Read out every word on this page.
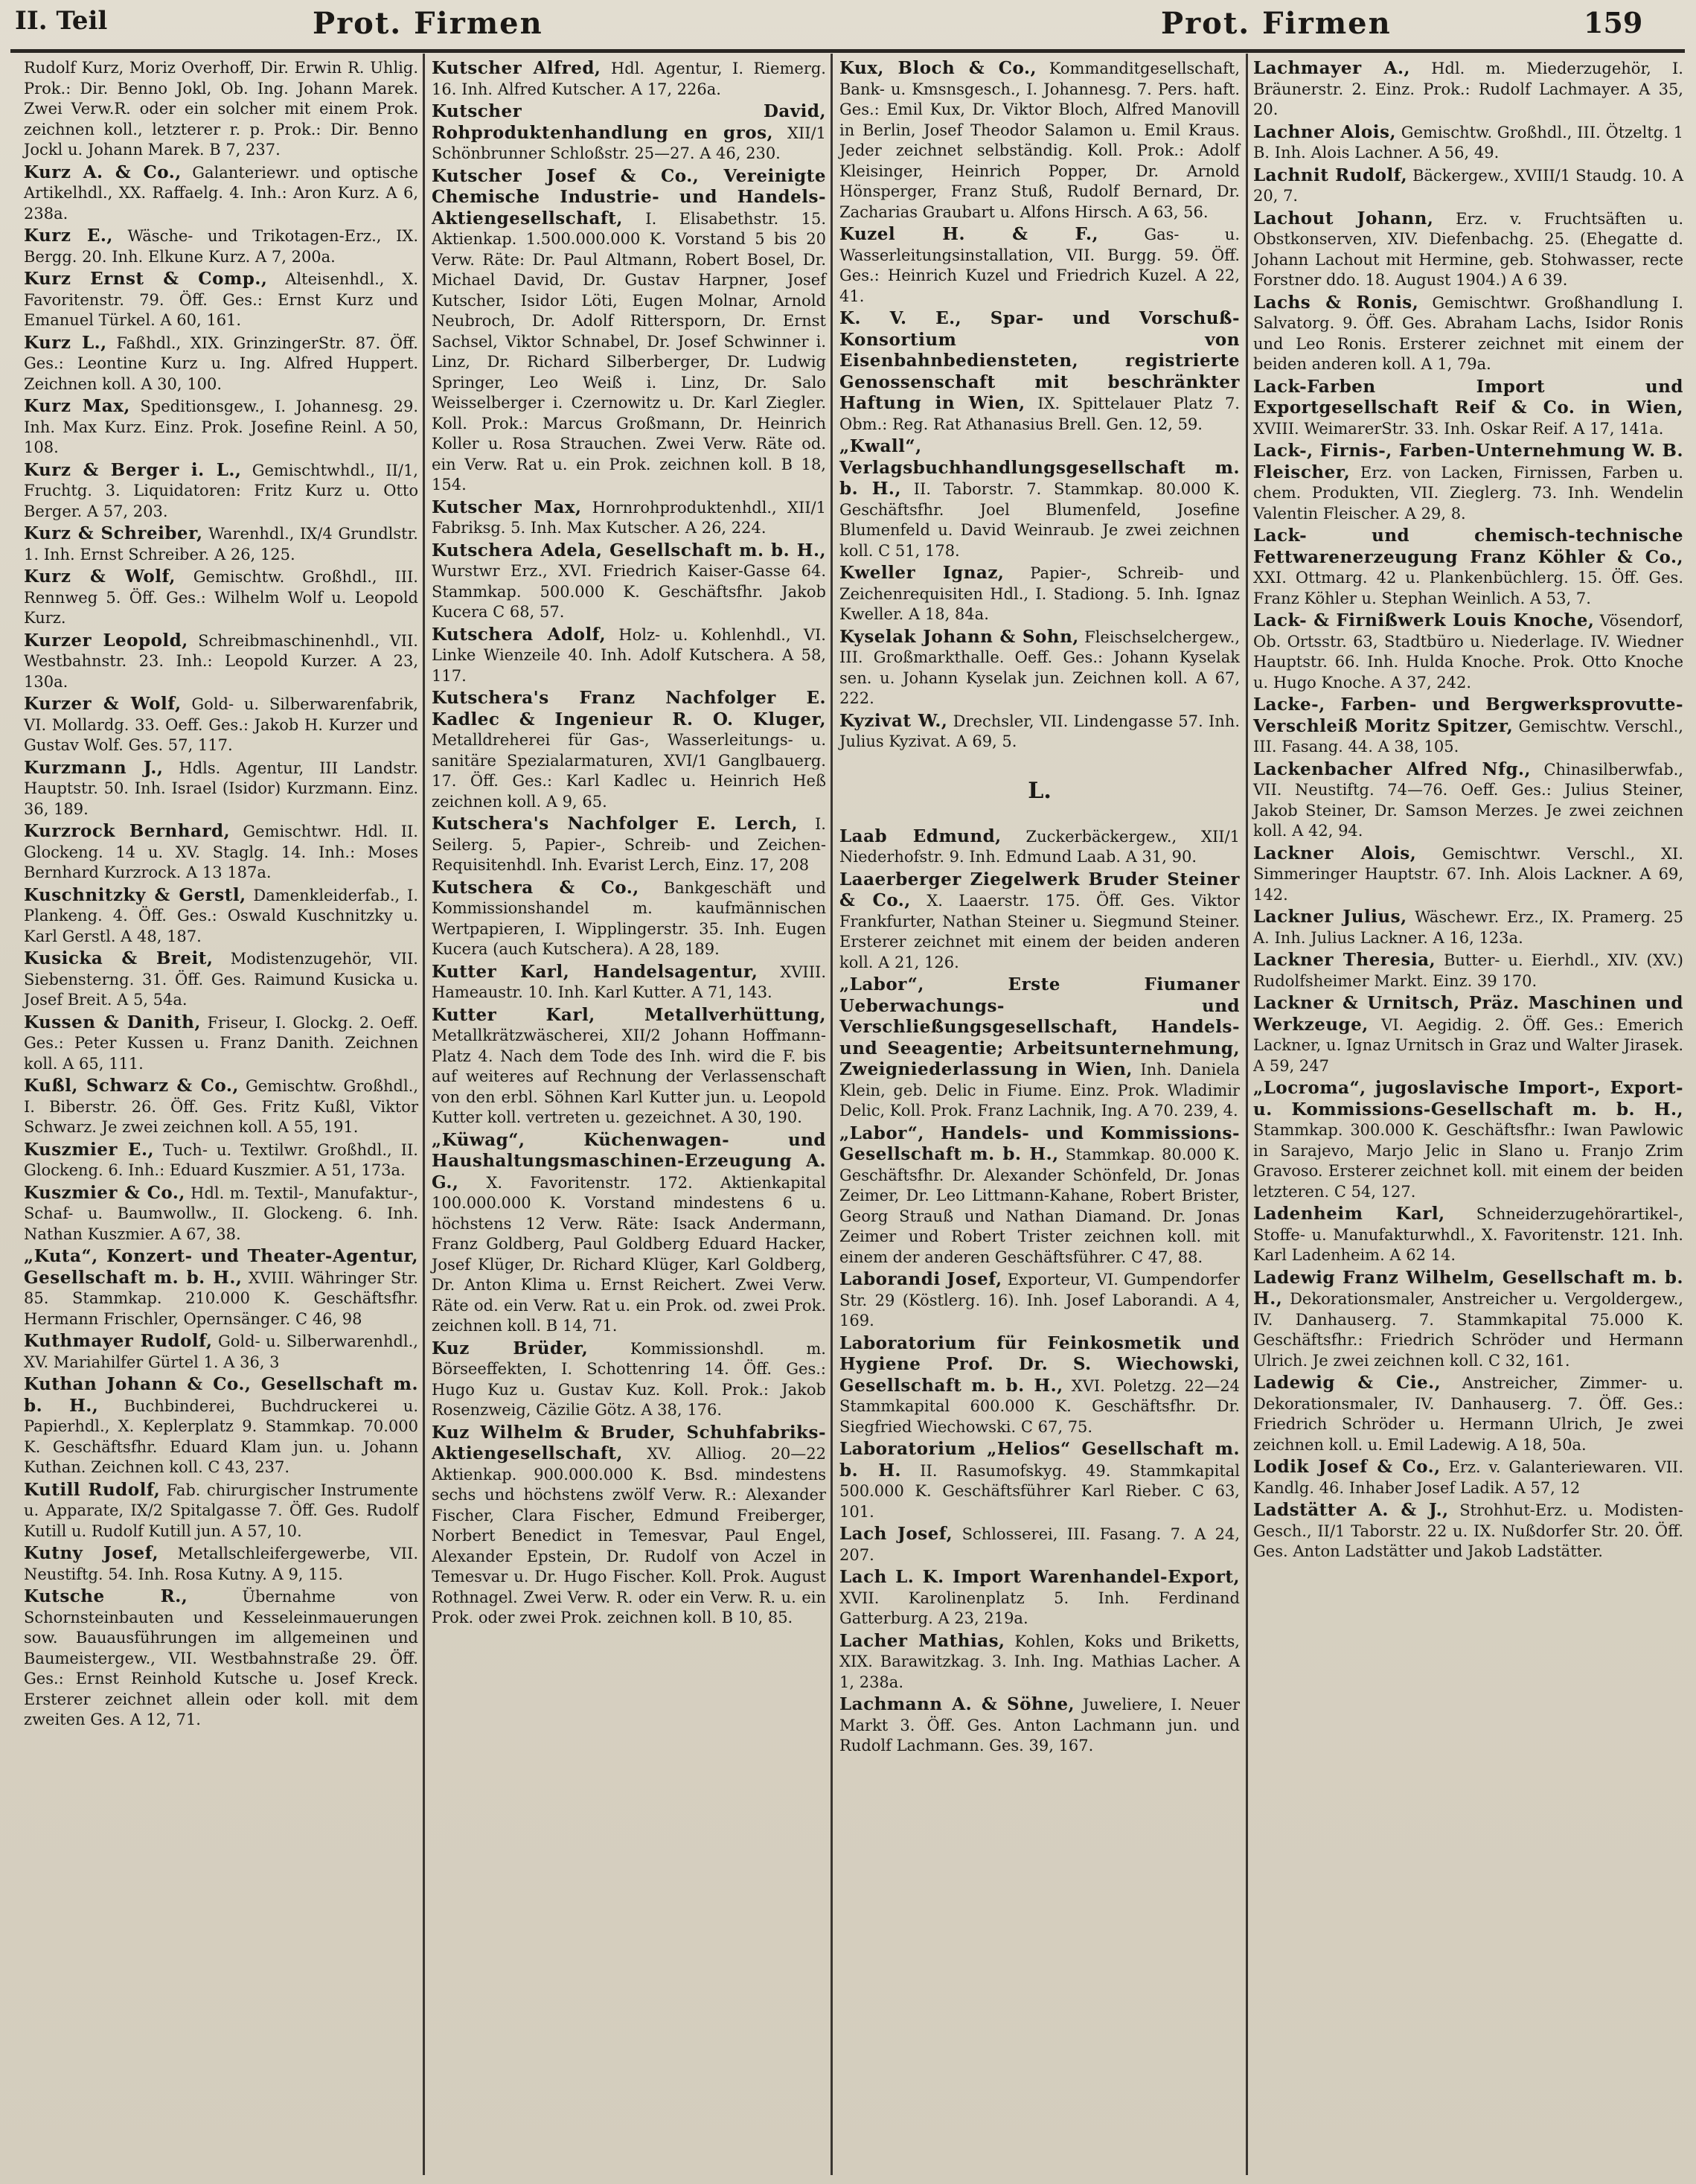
II. Teil	Prot. Firmen	Prot. Firmen	159
Rudolf Kurz, Moriz Overhoff, Dir. Erwin R. Uhlig. Prok.: Dir. Benno Jokl, Ob. Ing. Johann Marek. Zwei Verw.R. oder ein solcher mit einem Prok. zeichnen koll., letzterer r. p. Prok.: Dir. Benno Jockl u. Johann Marek. B 7, 237.
Kurz A. & Co., Galanteriewr. und optische Artikelhdl., XX. Raffaelg. 4. Inh.: Aron Kurz. A 6, 238a.
Kurz E., Wäsche- und Trikotagen-Erz., IX. Bergg. 20. Inh. Elkune Kurz. A 7, 200a.
Kurz Ernst & Comp., Alteisenhdl., X. Favoritenstr. 79. Öff. Ges.: Ernst Kurz und Emanuel Türkel. A 60, 161.
Kurz L., Faßhdl., XIX. GrinzingerStr. 87. Öff. Ges.: Leontine Kurz u. Ing. Alfred Huppert. Zeichnen koll. A 30, 100.
Kurz Max, Speditionsgew., I. Johannesg. 29. Inh. Max Kurz. Einz. Prok. Josefine Reinl. A 50, 108.
Kurz & Berger i. L., Gemischtwhdl., II/1, Fruchtg. 3. Liquidatoren: Fritz Kurz u. Otto Berger. A 57, 203.
Kurz & Schreiber, Warenhdl., IX/4 Grundlstr. 1. Inh. Ernst Schreiber. A 26, 125.
Kurz & Wolf, Gemischtw. Großhdl., III. Rennweg 5. Öff. Ges.: Wilhelm Wolf u. Leopold Kurz.
Kurzer Leopold, Schreibmaschinenhdl., VII. Westbahnstr. 23. Inh.: Leopold Kurzer. A 23, 130a.
Kurzer & Wolf, Gold- u. Silberwarenfabrik, VI. Mollardg. 33. Oeff. Ges.: Jakob H. Kurzer und Gustav Wolf. Ges. 57, 117.
Kurzmann J., Hdls. Agentur, III Landstr. Hauptstr. 50. Inh. Israel (Isidor) Kurzmann. Einz. 36, 189.
Kurzrock Bernhard, Gemischtwr. Hdl. II. Glockeng. 14 u. XV. Staglg. 14. Inh.: Moses Bernhard Kurzrock. A 13 187a.
Kuschnitzky & Gerstl, Damenkleiderfab., I. Plankeng. 4. Öff. Ges.: Oswald Kuschnitzky u. Karl Gerstl. A 48, 187.
Kusicka & Breit, Modistenzugehör, VII. Siebensterng. 31. Öff. Ges. Raimund Kusicka u. Josef Breit. A 5, 54a.
Kussen & Danith, Friseur, I. Glockg. 2. Oeff. Ges.: Peter Kussen u. Franz Danith. Zeichnen koll. A 65, 111.
Kußl, Schwarz & Co., Gemischtw. Großhdl., I. Biberstr. 26. Öff. Ges. Fritz Kußl, Viktor Schwarz. Je zwei zeichnen koll. A 55, 191.
Kuszmier E., Tuch- u. Textilwr. Großhdl., II. Glockeng. 6. Inh.: Eduard Kuszmier. A 51, 173a.
Kuszmier & Co., Hdl. m. Textil-, Manufaktur-, Schaf- u. Baumwollw., II. Glockeng. 6. Inh. Nathan Kuszmier. A 67, 38.
„Kuta“, Konzert- und Theater-Agentur, Gesellschaft m. b. H., XVIII. Währinger Str. 85. Stammkap. 210.000 K. Geschäftsfhr. Hermann Frischler, Opernsänger. C 46, 98
Kuthmayer Rudolf, Gold- u. Silberwarenhdl., XV. Mariahilfer Gürtel 1. A 36, 3
Kuthan Johann & Co., Gesellschaft m. b. H., Buchbinderei, Buchdruckerei u. Papierhdl., X. Keplerplatz 9. Stammkap. 70.000 K. Geschäftsfhr. Eduard Klam jun. u. Johann Kuthan. Zeichnen koll. C 43, 237.
Kutill Rudolf, Fab. chirurgischer Instrumente u. Apparate, IX/2 Spitalgasse 7. Öff. Ges. Rudolf Kutill u. Rudolf Kutill jun. A 57, 10.
Kutny Josef, Metallschleifergewerbe, VII. Neustiftg. 54. Inh. Rosa Kutny. A 9, 115.
Kutsche R.,	Übernahme von Schornsteinbauten und Kesseleinmauerungen sow. Bauausführungen im allgemeinen und Baumeistergew., VII. Westbahnstraße 29. Öff. Ges.: Ernst Reinhold Kutsche u. Josef Kreck. Ersterer zeichnet allein oder koll. mit dem zweiten Ges. A 12, 71.
Kutscher Alfred, Hdl. Agentur, I. Riemerg. 16. Inh. Alfred Kutscher. A 17, 226a.
Kutscher David, Rohproduktenhandlung en gros, XII/1 Schönbrunner Schloßstr. 25—27. A 46, 230.
Kutscher Josef & Co., Vereinigte Chemische Industrie- und Handels-Aktiengesellschaft, I. Elisabethstr. 15. Aktienkap. 1.500.000.000 K. Vorstand 5 bis 20 Verw. Räte: Dr. Paul Altmann, Robert Bosel, Dr. Michael David, Dr. Gustav Harpner, Josef Kutscher, Isidor Löti, Eugen Molnar, Arnold Neubroch, Dr. Adolf Rittersporn, Dr. Ernst Sachsel, Viktor Schnabel, Dr. Josef Schwinner i. Linz, Dr. Richard Silberberger, Dr. Ludwig Springer, Leo Weiß i. Linz, Dr. Salo Weisselberger i. Czernowitz u. Dr. Karl Ziegler. Koll. Prok.: Marcus Großmann, Dr. Heinrich Koller u. Rosa Strauchen. Zwei Verw. Räte od. ein Verw. Rat u. ein Prok. zeichnen koll. B 18, 154.
Kutscher Max, Hornrohproduktenhdl., XII/1 Fabriksg. 5. Inh. Max Kutscher. A 26, 224.
Kutschera Adela, Gesellschaft m. b. H., Wurstwr Erz., XVI. Friedrich Kaiser-Gasse 64. Stammkap. 500.000 K. Geschäftsfhr. Jakob Kucera C 68, 57.
Kutschera Adolf, Holz- u. Kohlenhdl., VI. Linke Wienzeile 40. Inh. Adolf Kutschera. A 58, 117.
Kutschera's Franz Nachfolger E. Kadlec & Ingenieur R. O. Kluger, Metalldreherei für Gas-, Wasserleitungs- u. sanitäre Spezialarmaturen, XVI/1 Ganglbauerg. 17. Öff. Ges.: Karl Kadlec u. Heinrich Heß zeichnen koll. A 9, 65.
Kutschera's Nachfolger E. Lerch, I. Seilerg. 5, Papier-, Schreib- und Zeichen-Requisitenhdl. Inh. Evarist Lerch, Einz. 17, 208
Kutschera & Co., Bankgeschäft und Kommissionshandel m. kaufmännischen Wertpapieren, I. Wipplingerstr. 35. Inh. Eugen Kucera (auch Kutschera). A 28, 189.
Kutter Karl, Handelsagentur, XVIII. Hameaustr. 10. Inh. Karl Kutter. A 71, 143.
Kutter Karl, Metallverhüttung, Metallkrätzwäscherei, XII/2 Johann Hoffmann-Platz 4. Nach dem Tode des Inh. wird die F. bis auf weiteres auf Rechnung der Verlassenschaft von den erbl. Söhnen Karl Kutter jun. u. Leopold Kutter koll. vertreten u. gezeichnet. A 30, 190.
„Küwag“, Küchenwagen- und Haushaltungsmaschinen-Erzeugung A. G., X. Favoritenstr. 172. Aktienkapital 100.000.000 K. Vorstand mindestens 6 u. höchstens 12 Verw. Räte: Isack Andermann, Franz Goldberg, Paul Goldberg Eduard Hacker, Josef Klüger, Dr. Richard Klüger, Karl Goldberg, Dr. Anton Klima u. Ernst Reichert. Zwei Verw. Räte od. ein Verw. Rat u. ein Prok. od. zwei Prok. zeichnen koll. B 14, 71.
Kuz Brüder,	Kommissionshdl. m. Börseeffekten, I. Schottenring 14. Öff. Ges.: Hugo Kuz u. Gustav Kuz. Koll. Prok.: Jakob Rosenzweig, Cäzilie Götz. A 38, 176.
Kuz Wilhelm & Bruder, Schuhfabriks-Aktiengesellschaft, XV. Alliog. 20—22 Aktienkap. 900.000.000 K. Bsd. mindestens sechs und höchstens zwölf Verw. R.: Alexander Fischer, Clara Fischer, Edmund Freiberger, Norbert Benedict in Temesvar, Paul Engel, Alexander Epstein, Dr. Rudolf von Aczel in Temesvar u. Dr. Hugo Fischer. Koll. Prok. August Rothnagel. Zwei Verw. R. oder ein Verw. R. u. ein Prok. oder zwei Prok. zeichnen koll. B 10, 85.
Kux, Bloch & Co., Kommanditgesellschaft, Bank- u. Kmsnsgesch., I. Johannesg. 7. Pers. haft. Ges.: Emil Kux, Dr. Viktor Bloch, Alfred Manovill in Berlin, Josef Theodor Salamon u. Emil Kraus. Jeder zeichnet selbständig. Koll. Prok.: Adolf Kleisinger, Heinrich Popper, Dr. Arnold Hönsperger, Franz Stuß, Rudolf Bernard, Dr. Zacharias Graubart u. Alfons Hirsch. A 63, 56.
Kuzel H. & F.,	Gas- u. Wasserleitungsinstallation, VII. Burgg. 59. Öff. Ges.: Heinrich Kuzel und Friedrich Kuzel. A 22, 41.
K. V. E., Spar- und Vorschuß-Konsortium von Eisenbahnbediensteten, registrierte Genossenschaft mit beschränkter Haftung in Wien, IX. Spittelauer Platz 7. Obm.: Reg. Rat Athanasius Brell. Gen. 12, 59.
„Kwall“, Verlagsbuchhandlungsgesellschaft m. b. H., II. Taborstr. 7. Stammkap. 80.000 K. Geschäftsfhr. Joel Blumenfeld, Josefine Blumenfeld u. David Weinraub. Je zwei zeichnen koll. C 51, 178.
Kweller Ignaz, Papier-, Schreib- und Zeichenrequisiten Hdl., I. Stadiong. 5. Inh. Ignaz Kweller. A 18, 84a.
Kyselak Johann & Sohn, Fleischselchergew., III. Großmarkthalle. Oeff. Ges.: Johann Kyselak sen. u. Johann Kyselak jun. Zeichnen koll. A 67, 222.
Kyzivat W., Drechsler, VII. Lindengasse 57. Inh. Julius Kyzivat. A 69, 5.
L.
Laab Edmund, Zuckerbäckergew., XII/1 Niederhofstr. 9. Inh. Edmund Laab. A 31, 90.
Laaerberger Ziegelwerk Bruder Steiner & Co., X. Laaerstr. 175. Öff. Ges. Viktor Frankfurter, Nathan Steiner u. Siegmund Steiner. Ersterer zeichnet mit einem der beiden anderen koll. A 21, 126.
„Labor“, Erste Fiumaner Ueberwachungs- und Verschließungsgesellschaft, Handels- und Seeagentie; Arbeitsunternehmung, Zweigniederlassung in Wien, Inh. Daniela Klein, geb. Delic in Fiume. Einz. Prok. Wladimir Delic, Koll. Prok. Franz Lachnik, Ing. A 70. 239, 4.
„Labor“, Handels- und Kommissions-Gesellschaft m. b. H., Stammkap. 80.000 K. Geschäftsfhr. Dr. Alexander Schönfeld, Dr. Jonas Zeimer, Dr. Leo Littmann-Kahane, Robert Brister, Georg Strauß und Nathan Diamand. Dr. Jonas Zeimer und Robert Trister zeichnen koll. mit einem der anderen Geschäftsführer. C 47, 88.
Laborandi Josef, Exporteur, VI. Gumpendorfer Str. 29 (Köstlerg. 16). Inh. Josef Laborandi. A 4, 169.
Laboratorium für Feinkosmetik und Hygiene Prof. Dr. S. Wiechowski, Gesellschaft m. b. H., XVI. Poletzg. 22—24 Stammkapital 600.000 K. Geschäftsfhr. Dr. Siegfried Wiechowski. C 67, 75.
Laboratorium „Helios“ Gesellschaft m. b. H. II. Rasumofskyg. 49. Stammkapital 500.000 K. Geschäftsführer Karl Rieber. C 63, 101.
Lach Josef, Schlosserei, III. Fasang. 7. A 24, 207.
Lach L. K. Import Warenhandel-Export, XVII. Karolinenplatz 5. Inh. Ferdinand Gatterburg. A 23, 219a.
Lacher Mathias, Kohlen, Koks und Briketts, XIX. Barawitzkag. 3. Inh. Ing. Mathias Lacher. A 1, 238a.
Lachmann A. & Söhne, Juweliere, I. Neuer Markt 3. Öff. Ges. Anton Lachmann jun. und Rudolf Lachmann. Ges. 39, 167.
Lachmayer A., Hdl. m. Miederzugehör, I. Bräunerstr. 2. Einz. Prok.: Rudolf Lachmayer. A 35, 20.
Lachner Alois, Gemischtw. Großhdl., III. Ötzeltg. 1 B. Inh. Alois Lachner. A 56, 49.
Lachnit Rudolf, Bäckergew., XVIII/1 Staudg. 10. A 20, 7.
Lachout Johann, Erz. v. Fruchtsäften u. Obstkonserven, XIV. Diefenbachg. 25. (Ehegatte d. Johann Lachout mit Hermine, geb. Stohwasser, recte Forstner ddo. 18. August 1904.) A 6 39.
Lachs & Ronis, Gemischtwr. Großhandlung I. Salvatorg. 9. Öff. Ges. Abraham Lachs, Isidor Ronis und Leo Ronis. Ersterer zeichnet mit einem der beiden anderen koll. A 1, 79a.
Lack-Farben Import und Exportgesellschaft Reif & Co. in Wien, XVIII. WeimarerStr. 33. Inh. Oskar Reif. A 17, 141a.
Lack-, Firnis-, Farben-Unternehmung W. B. Fleischer, Erz. von Lacken, Firnissen, Farben u. chem. Produkten, VII. Zieglerg. 73. Inh. Wendelin Valentin Fleischer. A 29, 8.
Lack- und chemisch-technische Fettwarenerzeugung Franz Köhler & Co., XXI. Ottmarg. 42 u. Plankenbüchlerg. 15. Öff. Ges. Franz Köhler u. Stephan Weinlich. A 53, 7.
Lack- & Firnißwerk Louis Knoche, Vösendorf, Ob. Ortsstr. 63, Stadtbüro u. Niederlage. IV. Wiedner Hauptstr. 66. Inh. Hulda Knoche. Prok. Otto Knoche u. Hugo Knoche. A 37, 242.
Lacke-, Farben- und Bergwerksprovutte-Verschleiß Moritz Spitzer, Gemischtw. Verschl., III. Fasang. 44. A 38, 105.
Lackenbacher Alfred Nfg., Chinasilberwfab., VII. Neustiftg. 74—76. Oeff. Ges.: Julius Steiner, Jakob Steiner, Dr. Samson Merzes. Je zwei zeichnen koll. A 42, 94.
Lackner Alois, Gemischtwr. Verschl., XI. Simmeringer Hauptstr. 67. Inh. Alois Lackner. A 69, 142.
Lackner Julius, Wäschewr. Erz., IX. Pramerg. 25 A. Inh. Julius Lackner. A 16, 123a.
Lackner Theresia, Butter- u. Eierhdl., XIV. (XV.) Rudolfsheimer Markt. Einz. 39 170.
Lackner & Urnitsch, Präz. Maschinen und Werkzeuge, VI. Aegidig. 2. Öff. Ges.: Emerich Lackner, u. Ignaz Urnitsch in Graz und Walter Jirasek. A 59, 247
„Locroma“, jugoslavische Import-, Export- u. Kommissions-Gesellschaft m. b. H., Stammkap. 300.000 K. Geschäftsfhr.: Iwan Pawlowic in Sarajevo, Marjo Jelic in Slano u. Franjo Zrim Gravoso. Ersterer zeichnet koll. mit einem der beiden letzteren. C 54, 127.
Ladenheim Karl, Schneiderzugehörartikel-, Stoffe- u. Manufakturwhdl., X. Favoritenstr. 121. Inh. Karl Ladenheim. A 62 14.
Ladewig Franz Wilhelm, Gesellschaft m. b. H., Dekorationsmaler, Anstreicher u. Vergoldergew., IV. Danhauserg. 7. Stammkapital 75.000 K. Geschäftsfhr.: Friedrich Schröder und Hermann Ulrich. Je zwei zeichnen koll. C 32, 161.
Ladewig & Cie., Anstreicher, Zimmer- u. Dekorationsmaler, IV. Danhauserg. 7. Öff. Ges.: Friedrich Schröder u. Hermann Ulrich, Je zwei zeichnen koll. u. Emil Ladewig. A 18, 50a.
Lodik Josef & Co., Erz. v. Galanteriewaren. VII. Kandlg. 46. Inhaber Josef Ladik. A 57, 12
Ladstätter A. & J., Strohhut-Erz. u. Modisten-Gesch., II/1 Taborstr. 22 u. IX. Nußdorfer Str. 20. Öff. Ges. Anton Ladstätter und Jakob Ladstätter.
